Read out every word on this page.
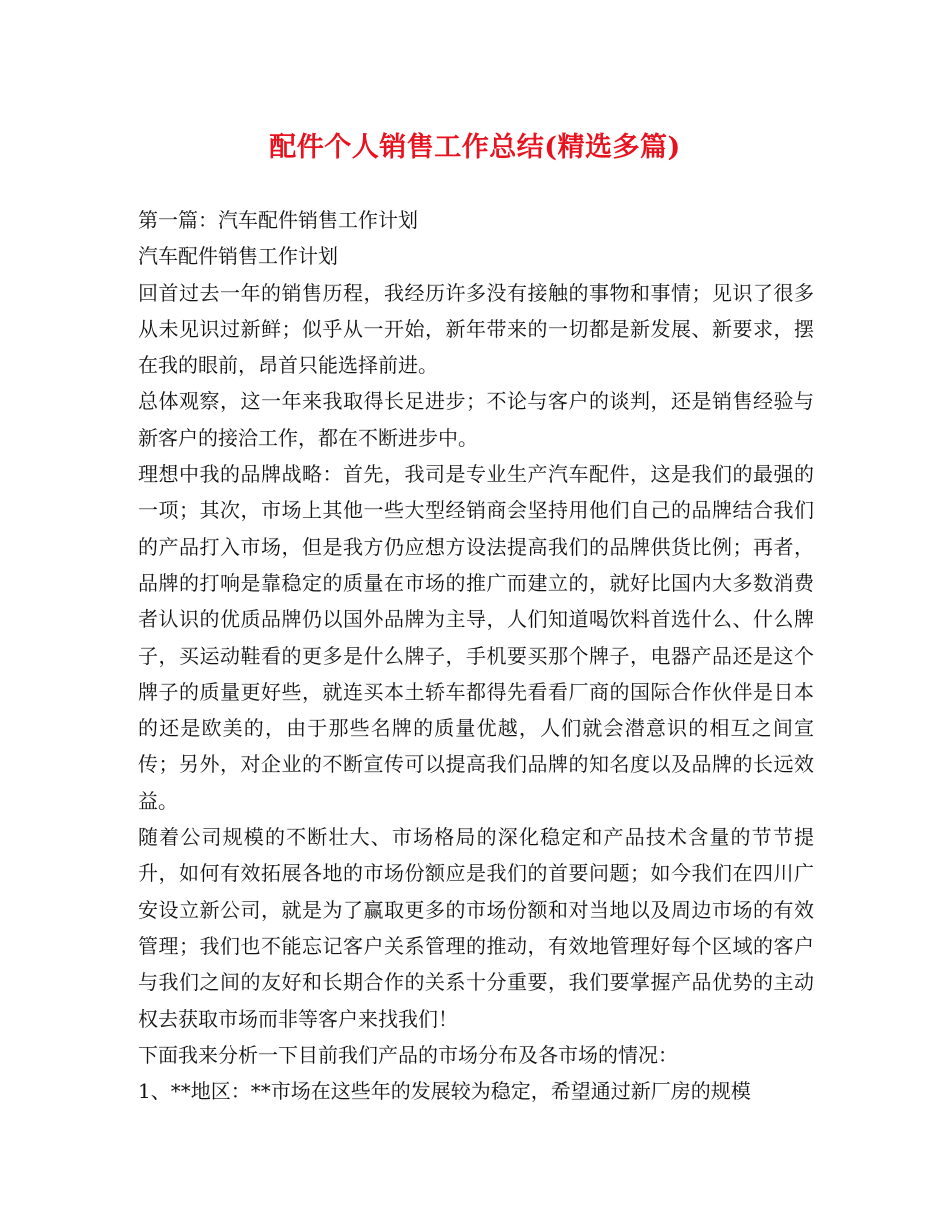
配件个人销售工作总结(精选多篇)

第一篇：汽车配件销售工作计划

汽车配件销售工作计划

回首过去一年的销售历程，我经历许多没有接触的事物和事情；见识了很多从未见识过新鲜；似乎从一开始，新年带来的一切都是新发展、新要求，摆在我的眼前，昂首只能选择前进。

总体观察，这一年来我取得长足进步；不论与客户的谈判，还是销售经验与新客户的接洽工作，都在不断进步中。

理想中我的品牌战略：首先，我司是专业生产汽车配件，这是我们的最强的一项；其次，市场上其他一些大型经销商会坚持用他们自己的品牌结合我们的产品打入市场，但是我方仍应想方设法提高我们的品牌供货比例；再者，品牌的打响是靠稳定的质量在市场的推广而建立的，就好比国内大多数消费者认识的优质品牌仍以国外品牌为主导，人们知道喝饮料首选什么、什么牌子，买运动鞋看的更多是什么牌子，手机要买那个牌子，电器产品还是这个牌子的质量更好些，就连买本土轿车都得先看看厂商的国际合作伙伴是日本的还是欧美的，由于那些名牌的质量优越，人们就会潜意识的相互之间宣传；另外，对企业的不断宣传可以提高我们品牌的知名度以及品牌的长远效益。

随着公司规模的不断壮大、市场格局的深化稳定和产品技术含量的节节提升，如何有效拓展各地的市场份额应是我们的首要问题；如今我们在四川广安设立新公司，就是为了赢取更多的市场份额和对当地以及周边市场的有效管理；我们也不能忘记客户关系管理的推动，有效地管理好每个区域的客户与我们之间的友好和长期合作的关系十分重要，我们要掌握产品优势的主动权去获取市场而非等客户来找我们！

下面我来分析一下目前我们产品的市场分布及各市场的情况：

1、**地区：**市场在这些年的发展较为稳定，希望通过新厂房的规模
